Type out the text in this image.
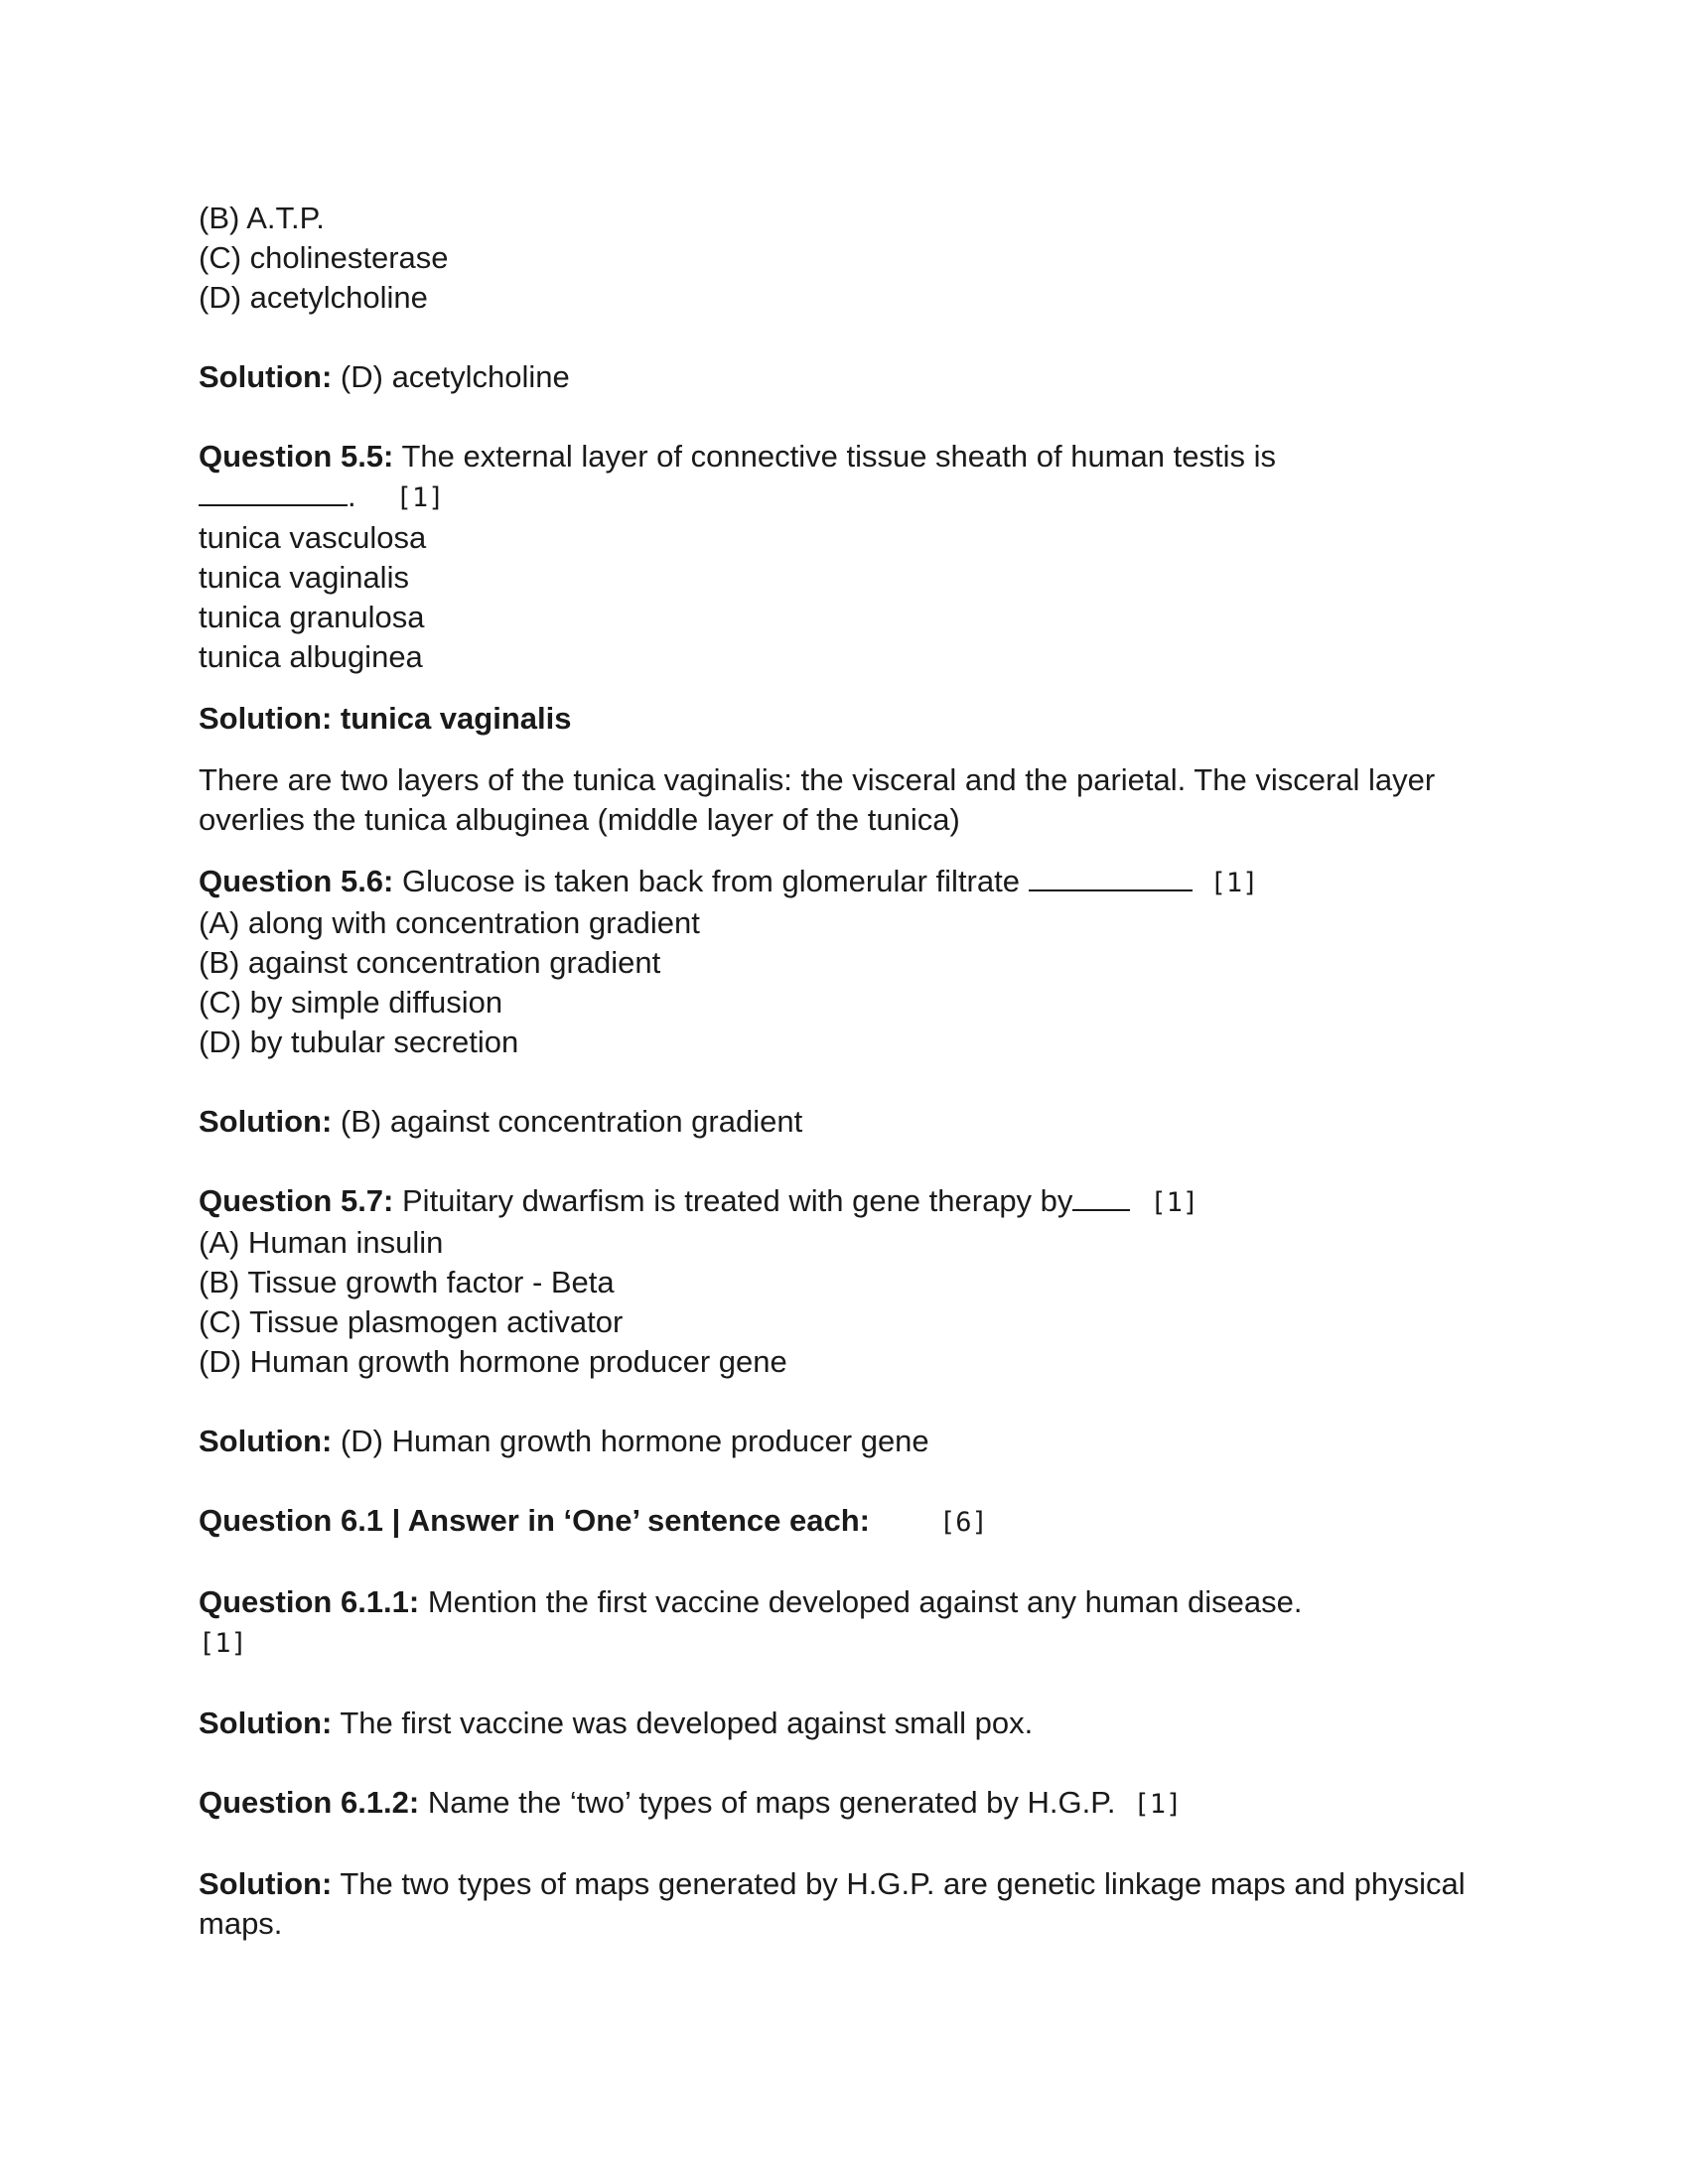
(B) A.T.P.
(C) cholinesterase
(D) acetylcholine
Solution: (D) acetylcholine
Question 5.5: The external layer of connective tissue sheath of human testis is
. [1]
tunica vasculosa
tunica vaginalis
tunica granulosa
tunica albuginea
Solution: tunica vaginalis
There are two layers of the tunica vaginalis: the visceral and the parietal. The visceral layer overlies the tunica albuginea (middle layer of the tunica)
Question 5.6: Glucose is taken back from glomerular filtrate	[1]
(A) along with concentration gradient
(B) against concentration gradient
(C) by simple diffusion
(D) by tubular secretion
Solution: (B) against concentration gradient
Question 5.7: Pituitary dwarfism is treated with gene therapy by	[1]
(A) Human insulin
(B) Tissue growth factor - Beta
(C) Tissue plasmogen activator
(D) Human growth hormone producer gene
Solution: (D) Human growth hormone producer gene
Question 6.1 | Answer in ‘One’ sentence each:	[6]
Question 6.1.1: Mention the first vaccine developed against any human disease.
[1]
Solution: The first vaccine was developed against small pox.
Question 6.1.2: Name the ‘two’ types of maps generated by H.G.P. [1]
Solution: The two types of maps generated by H.G.P. are genetic linkage maps and physical maps.
